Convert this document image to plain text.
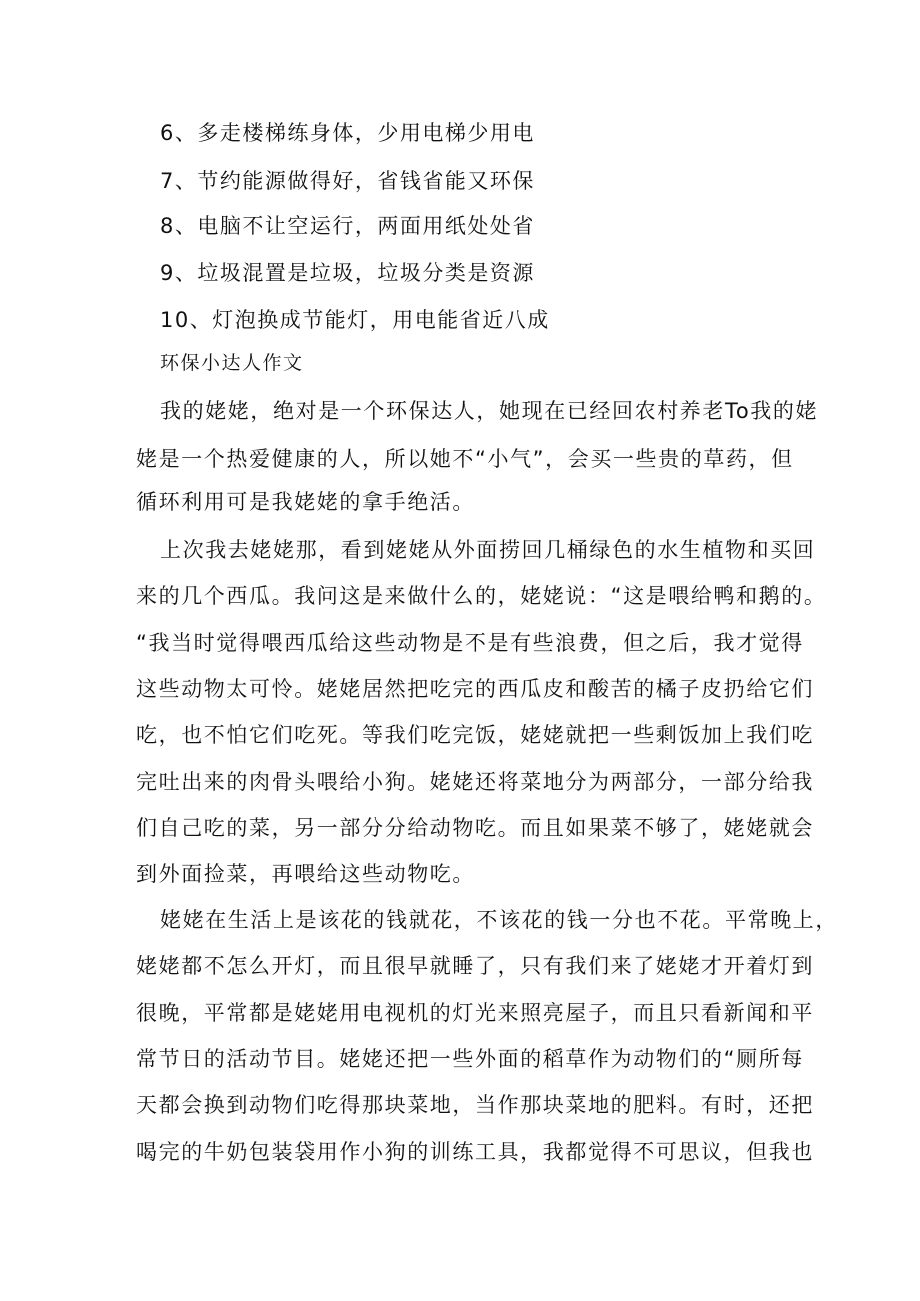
6、多走楼梯练身体，少用电梯少用电
7、节约能源做得好，省钱省能又环保
8、电脑不让空运行，两面用纸处处省
9、垃圾混置是垃圾，垃圾分类是资源
10、灯泡换成节能灯，用电能省近八成
环保小达人作文
我的姥姥，绝对是一个环保达人，她现在已经回农村养老To我的姥
姥是一个热爱健康的人，所以她不“小气”，会买一些贵的草药，但
循环利用可是我姥姥的拿手绝活。
上次我去姥姥那，看到姥姥从外面捞回几桶绿色的水生植物和买回
来的几个西瓜。我问这是来做什么的，姥姥说：“这是喂给鸭和鹅的。
“我当时觉得喂西瓜给这些动物是不是有些浪费，但之后，我才觉得
这些动物太可怜。姥姥居然把吃完的西瓜皮和酸苦的橘子皮扔给它们
吃，也不怕它们吃死。等我们吃完饭，姥姥就把一些剩饭加上我们吃
完吐出来的肉骨头喂给小狗。姥姥还将菜地分为两部分，一部分给我
们自己吃的菜，另一部分分给动物吃。而且如果菜不够了，姥姥就会
到外面捡菜，再喂给这些动物吃。
姥姥在生活上是该花的钱就花，不该花的钱一分也不花。平常晚上，
姥姥都不怎么开灯，而且很早就睡了，只有我们来了姥姥才开着灯到
很晚，平常都是姥姥用电视机的灯光来照亮屋子，而且只看新闻和平
常节日的活动节目。姥姥还把一些外面的稻草作为动物们的“厕所每
天都会换到动物们吃得那块菜地，当作那块菜地的肥料。有时，还把
喝完的牛奶包装袋用作小狗的训练工具，我都觉得不可思议，但我也
